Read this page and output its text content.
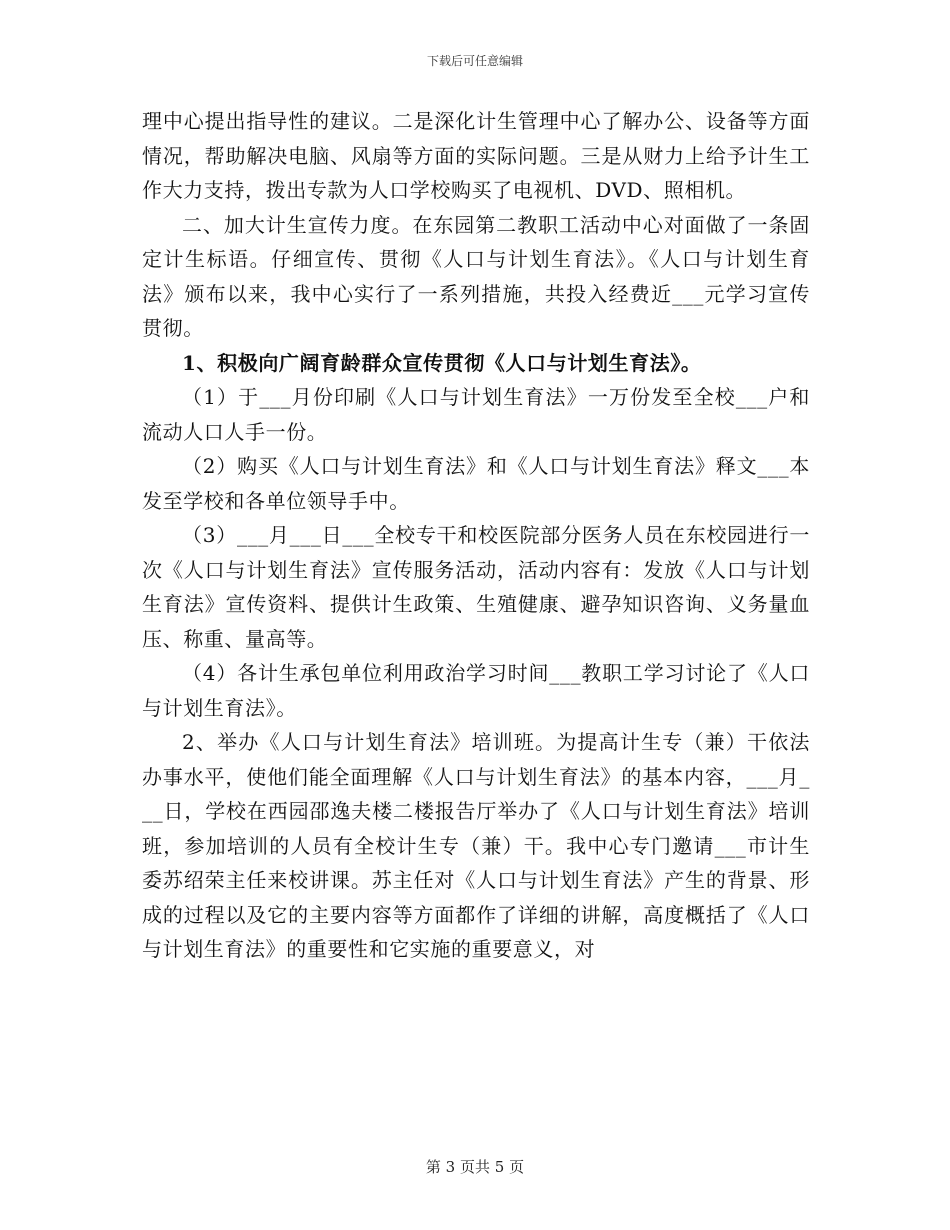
下载后可任意编辑

理中心提出指导性的建议。二是深化计生管理中心了解办公、设备等方面情况，帮助解决电脑、风扇等方面的实际问题。三是从财力上给予计生工作大力支持，拨出专款为人口学校购买了电视机、DVD、照相机。

二、加大计生宣传力度。在东园第二教职工活动中心对面做了一条固定计生标语。仔细宣传、贯彻《人口与计划生育法》。《人口与计划生育法》颁布以来，我中心实行了一系列措施，共投入经费近___元学习宣传贯彻。

1、积极向广阔育龄群众宣传贯彻《人口与计划生育法》。

（1）于___月份印刷《人口与计划生育法》一万份发至全校___户和流动人口人手一份。

（2）购买《人口与计划生育法》和《人口与计划生育法》释文___本发至学校和各单位领导手中。

（3）___月___日___全校专干和校医院部分医务人员在东校园进行一次《人口与计划生育法》宣传服务活动，活动内容有：发放《人口与计划生育法》宣传资料、提供计生政策、生殖健康、避孕知识咨询、义务量血压、称重、量高等。

（4）各计生承包单位利用政治学习时间___教职工学习讨论了《人口与计划生育法》。

2、举办《人口与计划生育法》培训班。为提高计生专（兼）干依法办事水平，使他们能全面理解《人口与计划生育法》的基本内容，___月___日，学校在西园邵逸夫楼二楼报告厅举办了《人口与计划生育法》培训班，参加培训的人员有全校计生专（兼）干。我中心专门邀请___市计生委苏绍荣主任来校讲课。苏主任对《人口与计划生育法》产生的背景、形成的过程以及它的主要内容等方面都作了详细的讲解，高度概括了《人口与计划生育法》的重要性和它实施的重要意义，对

第 3 页共 5 页
